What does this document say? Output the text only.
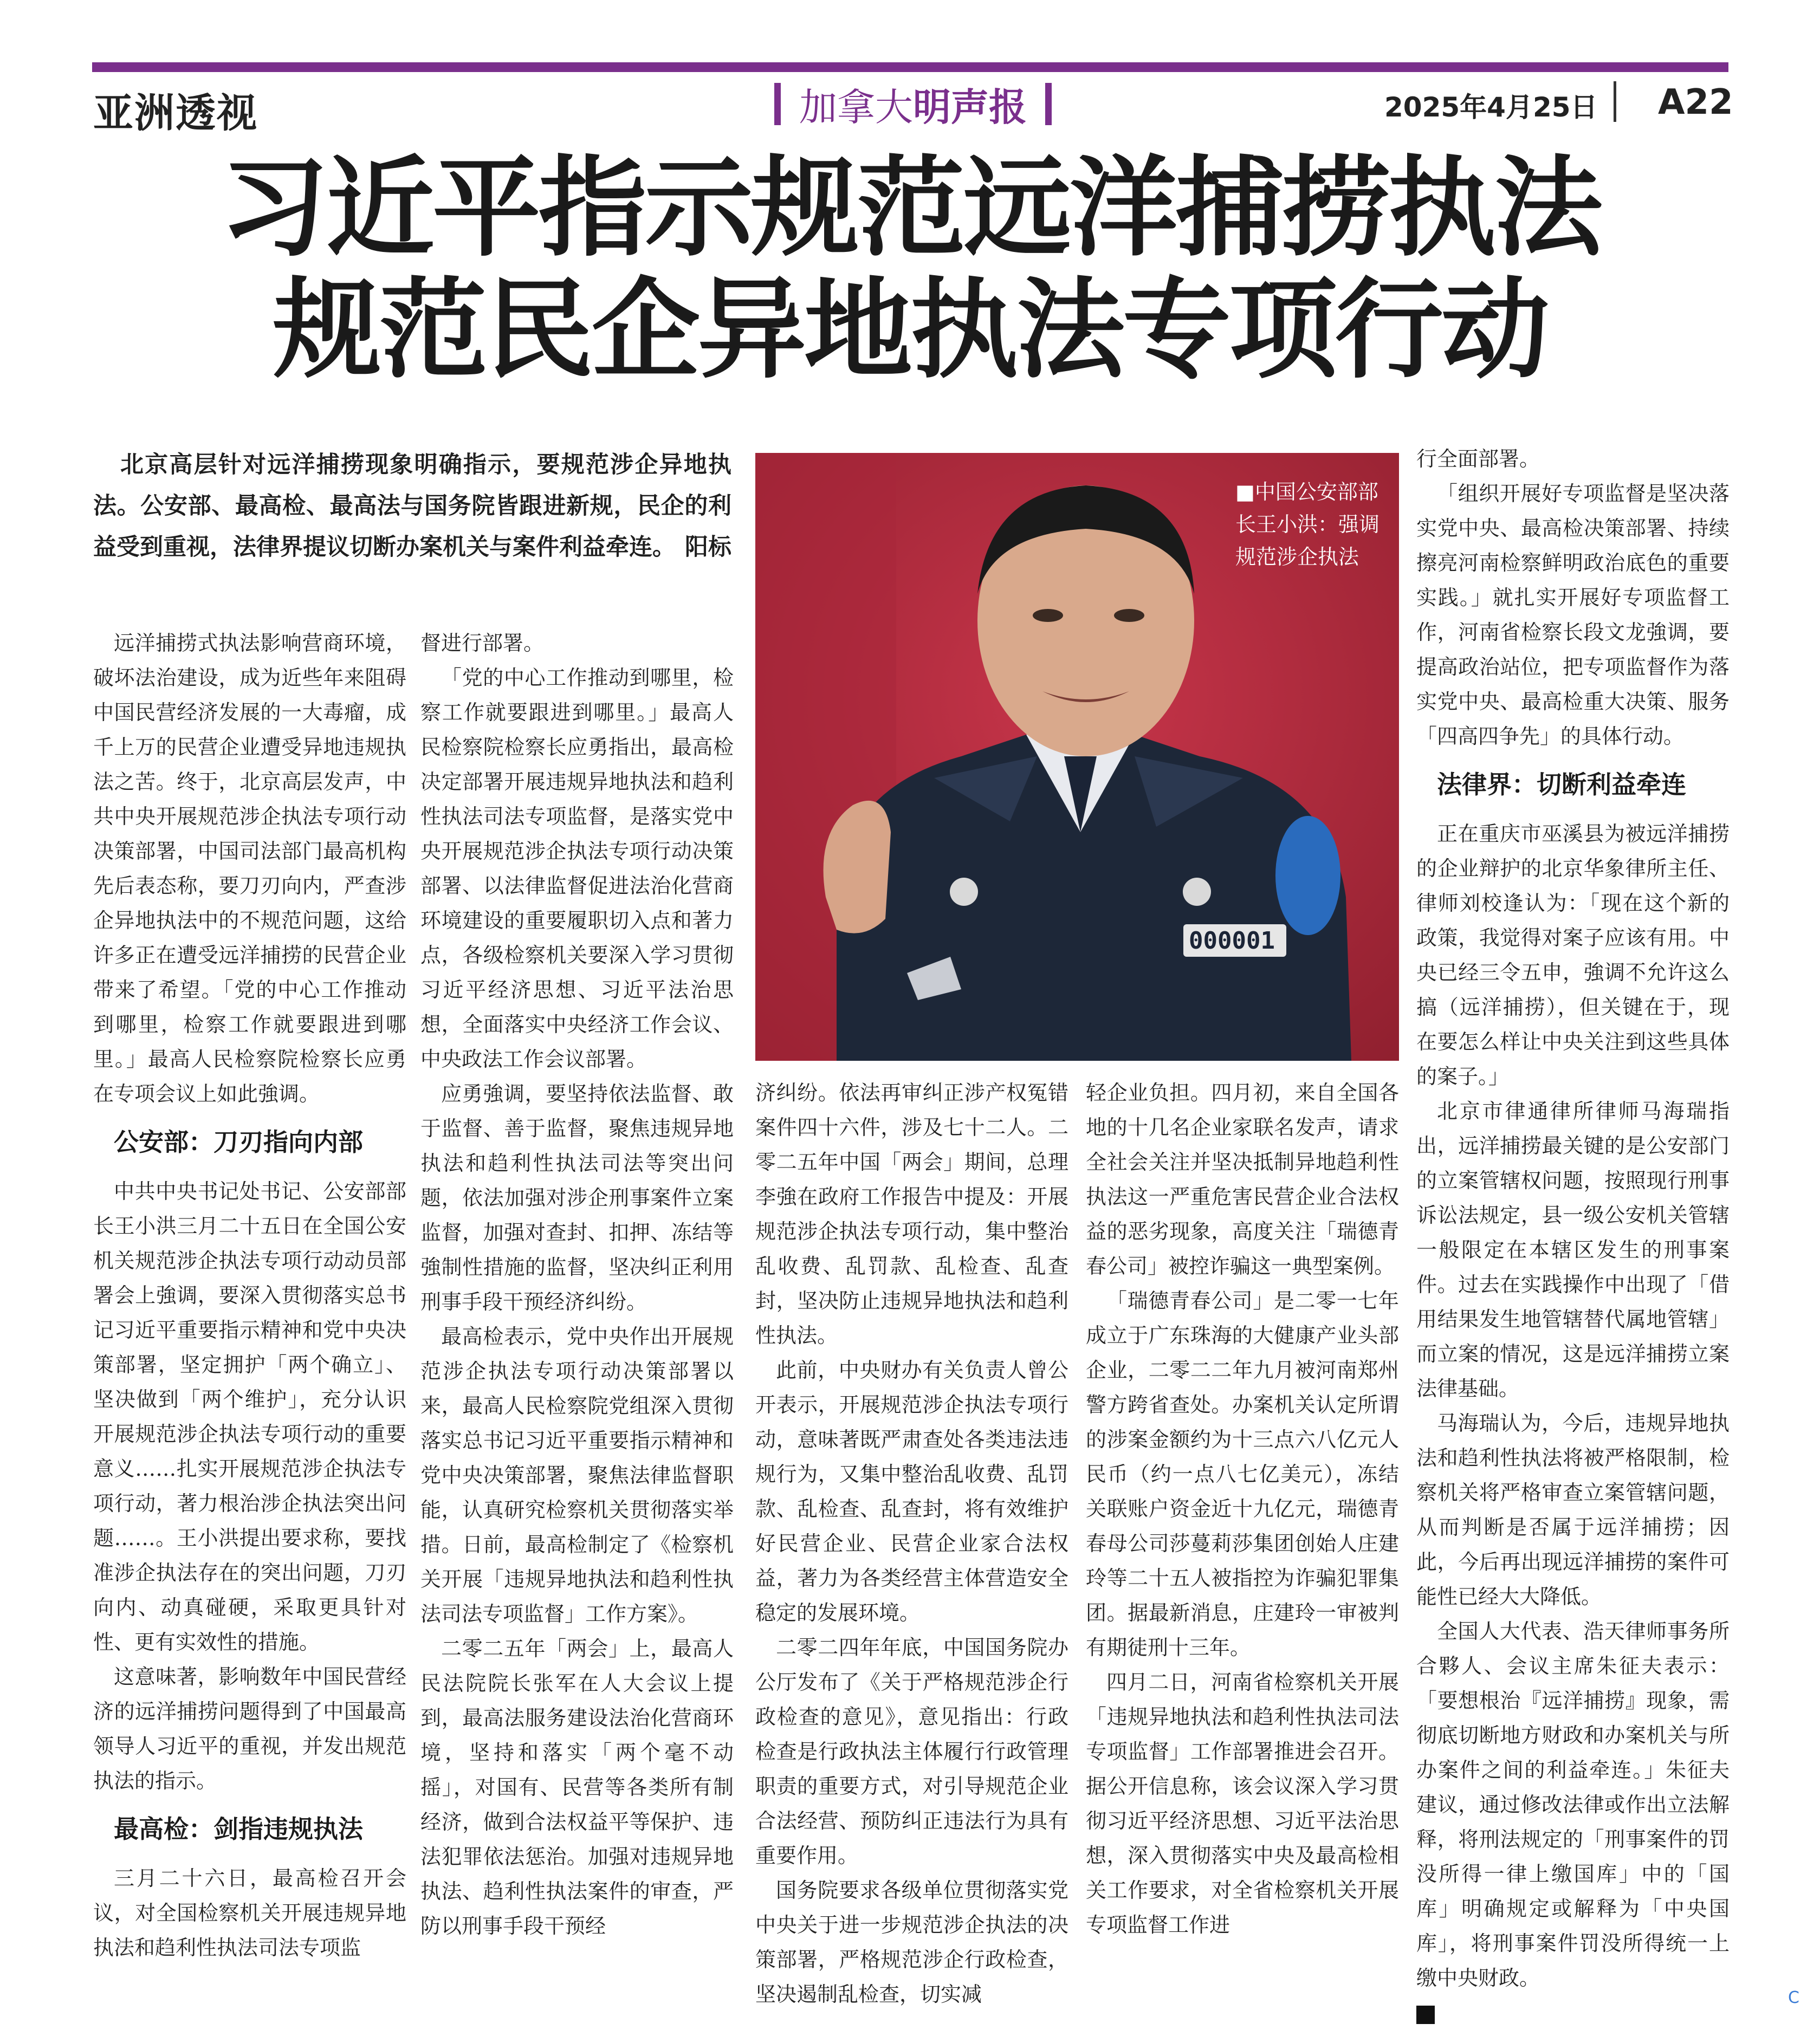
亚洲透视	加拿大明声报	2025年4月25日 A22
习近平指示规范远洋捕捞执法
规范民企异地执法专项行动
北京高层针对远洋捕捞现象明确指示，要规范涉企异地执法。公安部、最高检、最高法与国务院皆跟进新规，民企的利益受到重视，法律界提议切断办案机关与案件利益牵连。 阳标
000001
■中国公安部部长王小洪：强调规范涉企执法

远洋捕捞式执法影响营商环境，破坏法治建设，成为近些年来阻碍中国民营经济发展的一大毒瘤，成千上万的民营企业遭受异地违规执法之苦。终于，北京高层发声，中共中央开展规范涉企执法专项行动决策部署，中国司法部门最高机构先后表态称，要刀刃向内，严查涉企异地执法中的不规范问题，这给许多正在遭受远洋捕捞的民营企业带来了希望。「党的中心工作推动到哪里，检察工作就要跟进到哪里。」最高人民检察院检察长应勇在专项会议上如此強调。

公安部：刀刃指向内部

中共中央书记处书记、公安部部长王小洪三月二十五日在全国公安机关规范涉企执法专项行动动员部署会上強调，要深入贯彻落实总书记习近平重要指示精神和党中央决策部署，坚定拥护「两个确立」、坚决做到「两个维护」，充分认识开展规范涉企执法专项行动的重要意义……扎实开展规范涉企执法专项行动，著力根治涉企执法突出问题……。王小洪提出要求称，要找准涉企执法存在的突出问题，刀刃向内、动真碰硬，采取更具针对性、更有实效性的措施。

这意味著，影响数年中国民营经济的远洋捕捞问题得到了中国最高领导人习近平的重视，并发出规范执法的指示。

最高检：剑指违规执法

三月二十六日，最高检召开会议，对全国检察机关开展违规异地执法和趋利性执法司法专项监

督进行部署。

「党的中心工作推动到哪里，检察工作就要跟进到哪里。」最高人民检察院检察长应勇指出，最高检决定部署开展违规异地执法和趋利性执法司法专项监督，是落实党中央开展规范涉企执法专项行动决策部署、以法律监督促进法治化营商环境建设的重要履职切入点和著力点，各级检察机关要深入学习贯彻习近平经济思想、习近平法治思想，全面落实中央经济工作会议、中央政法工作会议部署。

应勇強调，要坚持依法监督、敢于监督、善于监督，聚焦违规异地执法和趋利性执法司法等突出问题，依法加强对涉企刑事案件立案监督，加强对查封、扣押、冻结等強制性措施的监督，坚决纠正利用刑事手段干预经济纠纷。

最高检表示，党中央作出开展规范涉企执法专项行动决策部署以来，最高人民检察院党组深入贯彻落实总书记习近平重要指示精神和党中央决策部署，聚焦法律监督职能，认真研究检察机关贯彻落实举措。日前，最高检制定了《检察机关开展「违规异地执法和趋利性执法司法专项监督」工作方案》。

二零二五年「两会」上，最高人民法院院长张军在人大会议上提到，最高法服务建设法治化营商环境，坚持和落实「两个毫不动摇」，对国有、民营等各类所有制经济，做到合法权益平等保护、违法犯罪依法惩治。加强对违规异地执法、趋利性执法案件的审查，严防以刑事手段干预经

济纠纷。依法再审纠正涉产权冤错案件四十六件，涉及七十二人。二零二五年中国「两会」期间，总理李強在政府工作报告中提及：开展规范涉企执法专项行动，集中整治乱收费、乱罚款、乱检查、乱查封，坚决防止违规异地执法和趋利性执法。

此前，中央财办有关负责人曾公开表示，开展规范涉企执法专项行动，意味著既严肃查处各类违法违规行为，又集中整治乱收费、乱罚款、乱检查、乱查封，将有效维护好民营企业、民营企业家合法权益，著力为各类经营主体营造安全稳定的发展环境。

二零二四年年底，中国国务院办公厅发布了《关于严格规范涉企行政检查的意见》，意见指出：行政检查是行政执法主体履行行政管理职责的重要方式，对引导规范企业合法经营、预防纠正违法行为具有重要作用。

国务院要求各级单位贯彻落实党中央关于进一步规范涉企执法的决策部署，严格规范涉企行政检查，坚决遏制乱检查，切实减

轻企业负担。四月初，来自全国各地的十几名企业家联名发声，请求全社会关注并坚决抵制异地趋利性执法这一严重危害民营企业合法权益的恶劣现象，高度关注「瑞德青春公司」被控诈骗这一典型案例。

「瑞德青春公司」是二零一七年成立于广东珠海的大健康产业头部企业，二零二二年九月被河南郑州警方跨省查处。办案机关认定所谓的涉案金额约为十三点六八亿元人民币（约一点八七亿美元），冻结关联账户资金近十九亿元，瑞德青春母公司莎蔓莉莎集团创始人庄建玲等二十五人被指控为诈骗犯罪集团。据最新消息，庄建玲一审被判有期徒刑十三年。

四月二日，河南省检察机关开展「违规异地执法和趋利性执法司法专项监督」工作部署推进会召开。据公开信息称，该会议深入学习贯彻习近平经济思想、习近平法治思想，深入贯彻落实中央及最高检相关工作要求，对全省检察机关开展专项监督工作进

行全面部署。

「组织开展好专项监督是坚决落实党中央、最高检决策部署、持续擦亮河南检察鲜明政治底色的重要实践。」就扎实开展好专项监督工作，河南省检察长段文龙強调，要提高政治站位，把专项监督作为落实党中央、最高检重大决策、服务「四高四争先」的具体行动。

法律界：切断利益牵连

正在重庆市巫溪县为被远洋捕捞的企业辩护的北京华象律所主任、律师刘校逢认为：「现在这个新的政策，我觉得对案子应该有用。中央已经三令五申，強调不允许这么搞（远洋捕捞），但关键在于，现在要怎么样让中央关注到这些具体的案子。」

北京市律通律所律师马海瑞指出，远洋捕捞最关键的是公安部门的立案管辖权问题，按照现行刑事诉讼法规定，县一级公安机关管辖一般限定在本辖区发生的刑事案件。过去在实践操作中出现了「借用结果发生地管辖替代属地管辖」而立案的情况，这是远洋捕捞立案法律基础。

马海瑞认为，今后，违规异地执法和趋利性执法将被严格限制，检察机关将严格审查立案管辖问题，从而判断是否属于远洋捕捞；因此，今后再出现远洋捕捞的案件可能性已经大大降低。

全国人大代表、浩天律师事务所合夥人、会议主席朱征夫表示：「要想根治『远洋捕捞』现象，需彻底切断地方财政和办案机关与所办案件之间的利益牵连。」朱征夫建议，通过修改法律或作出立法解释，将刑法规定的「刑事案件的罚没所得一律上缴国库」中的「国库」明确规定或解释为「中央国库」，将刑事案件罚没所得统一上缴中央财政。

C
